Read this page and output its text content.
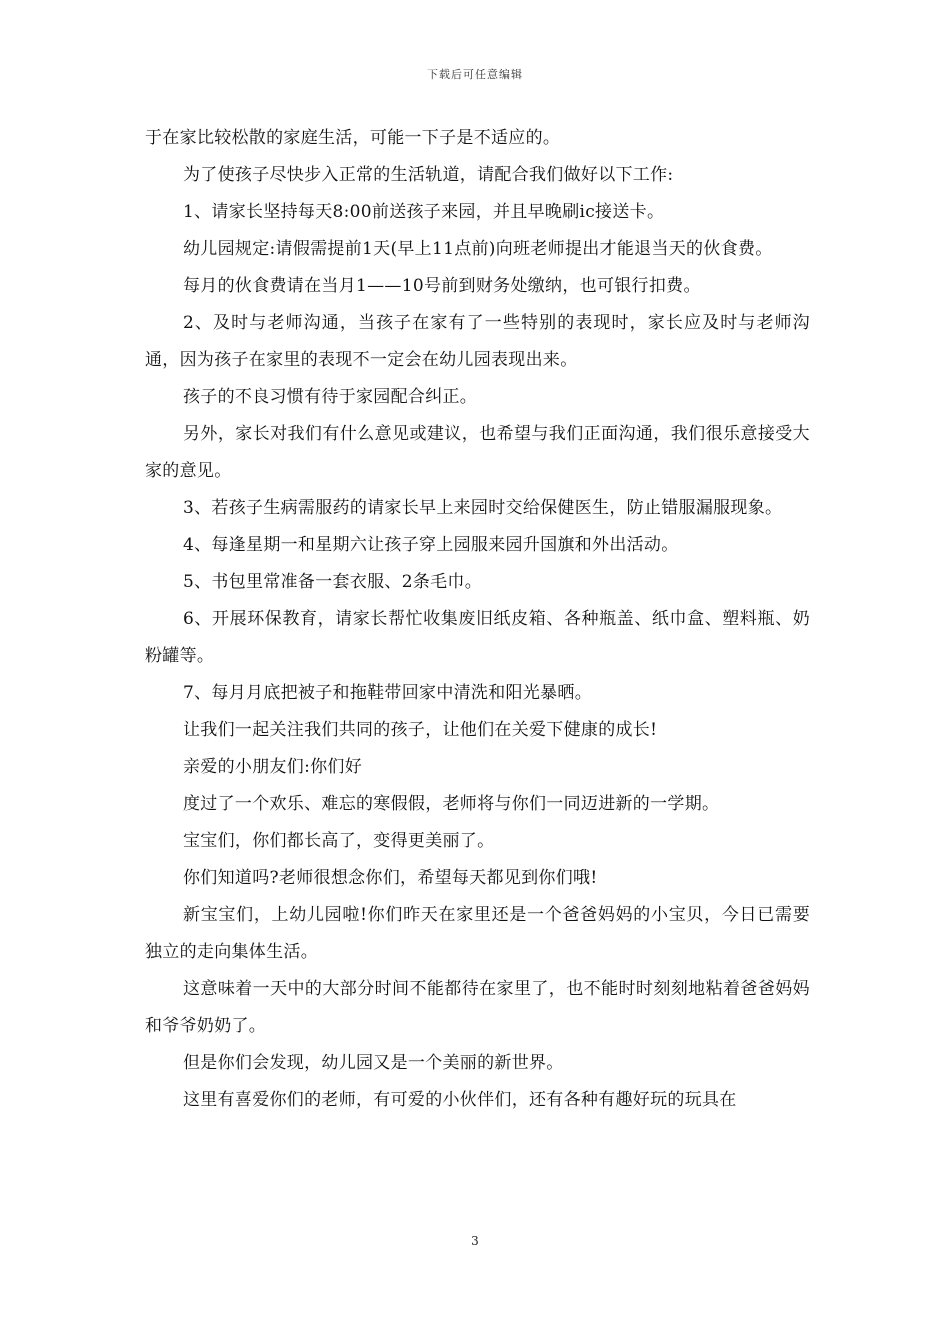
下载后可任意编辑

于在家比较松散的家庭生活，可能一下子是不适应的。

为了使孩子尽快步入正常的生活轨道，请配合我们做好以下工作:

1、请家长坚持每天8:00前送孩子来园，并且早晚刷ic接送卡。

幼儿园规定:请假需提前1天(早上11点前)向班老师提出才能退当天的伙食费。

每月的伙食费请在当月1——10号前到财务处缴纳，也可银行扣费。

2、及时与老师沟通，当孩子在家有了一些特别的表现时，家长应及时与老师沟通，因为孩子在家里的表现不一定会在幼儿园表现出来。

孩子的不良习惯有待于家园配合纠正。

另外，家长对我们有什么意见或建议，也希望与我们正面沟通，我们很乐意接受大家的意见。

3、若孩子生病需服药的请家长早上来园时交给保健医生，防止错服漏服现象。

4、每逢星期一和星期六让孩子穿上园服来园升国旗和外出活动。

5、书包里常准备一套衣服、2条毛巾。

6、开展环保教育，请家长帮忙收集废旧纸皮箱、各种瓶盖、纸巾盒、塑料瓶、奶粉罐等。

7、每月月底把被子和拖鞋带回家中清洗和阳光暴晒。

让我们一起关注我们共同的孩子，让他们在关爱下健康的成长!

亲爱的小朋友们:你们好

度过了一个欢乐、难忘的寒假假，老师将与你们一同迈进新的一学期。

宝宝们，你们都长高了，变得更美丽了。

你们知道吗?老师很想念你们，希望每天都见到你们哦!

新宝宝们，上幼儿园啦!你们昨天在家里还是一个爸爸妈妈的小宝贝，今日已需要独立的走向集体生活。

这意味着一天中的大部分时间不能都待在家里了，也不能时时刻刻地粘着爸爸妈妈和爷爷奶奶了。

但是你们会发现，幼儿园又是一个美丽的新世界。

这里有喜爱你们的老师，有可爱的小伙伴们，还有各种有趣好玩的玩具在

3
